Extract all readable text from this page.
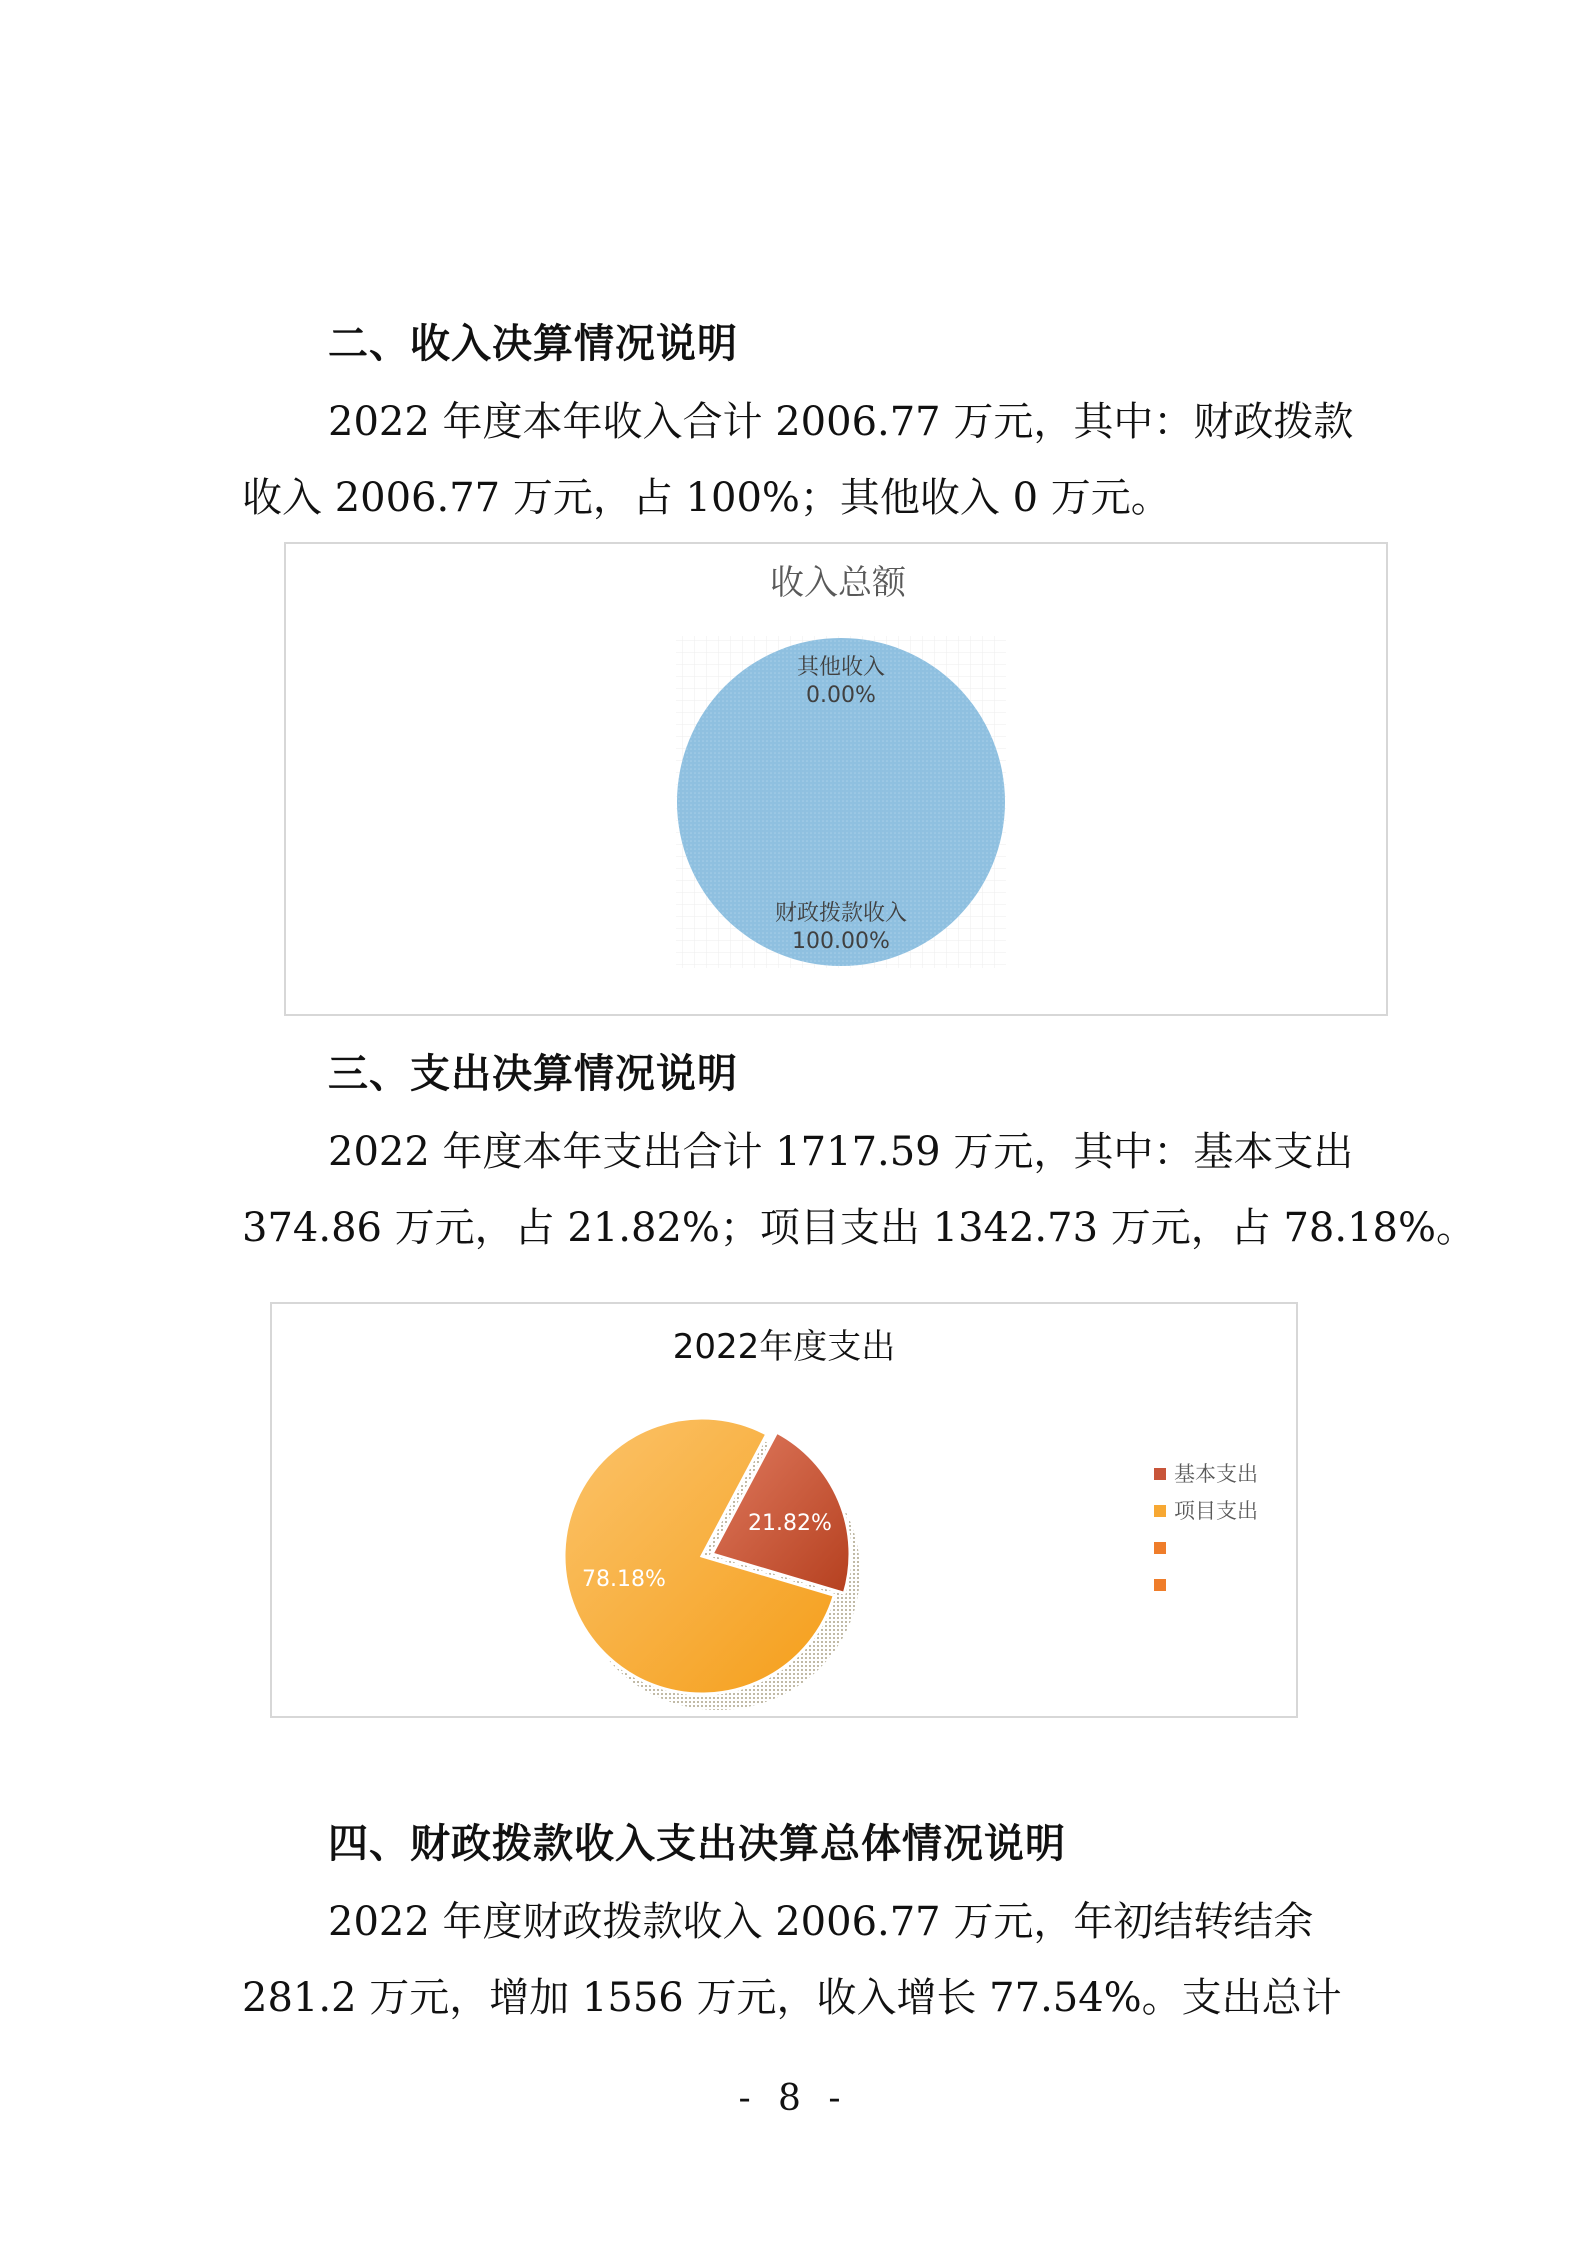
二、收入决算情况说明
2022 年度本年收入合计 2006.77 万元，其中：财政拨款
收入 2006.77 万元，占 100%；其他收入 0 万元。
收入总额
其他收入
0.00%
财政拨款收入
100.00%
三、支出决算情况说明
2022 年度本年支出合计 1717.59 万元，其中：基本支出
374.86 万元，占 21.82%；项目支出 1342.73 万元，占 78.18%。
2022年度支出
21.82%
78.18%
基本支出
项目支出
四、财政拨款收入支出决算总体情况说明
2022 年度财政拨款收入 2006.77 万元，年初结转结余
281.2 万元，增加 1556 万元，收入增长 77.54%。支出总计
- 8 -
